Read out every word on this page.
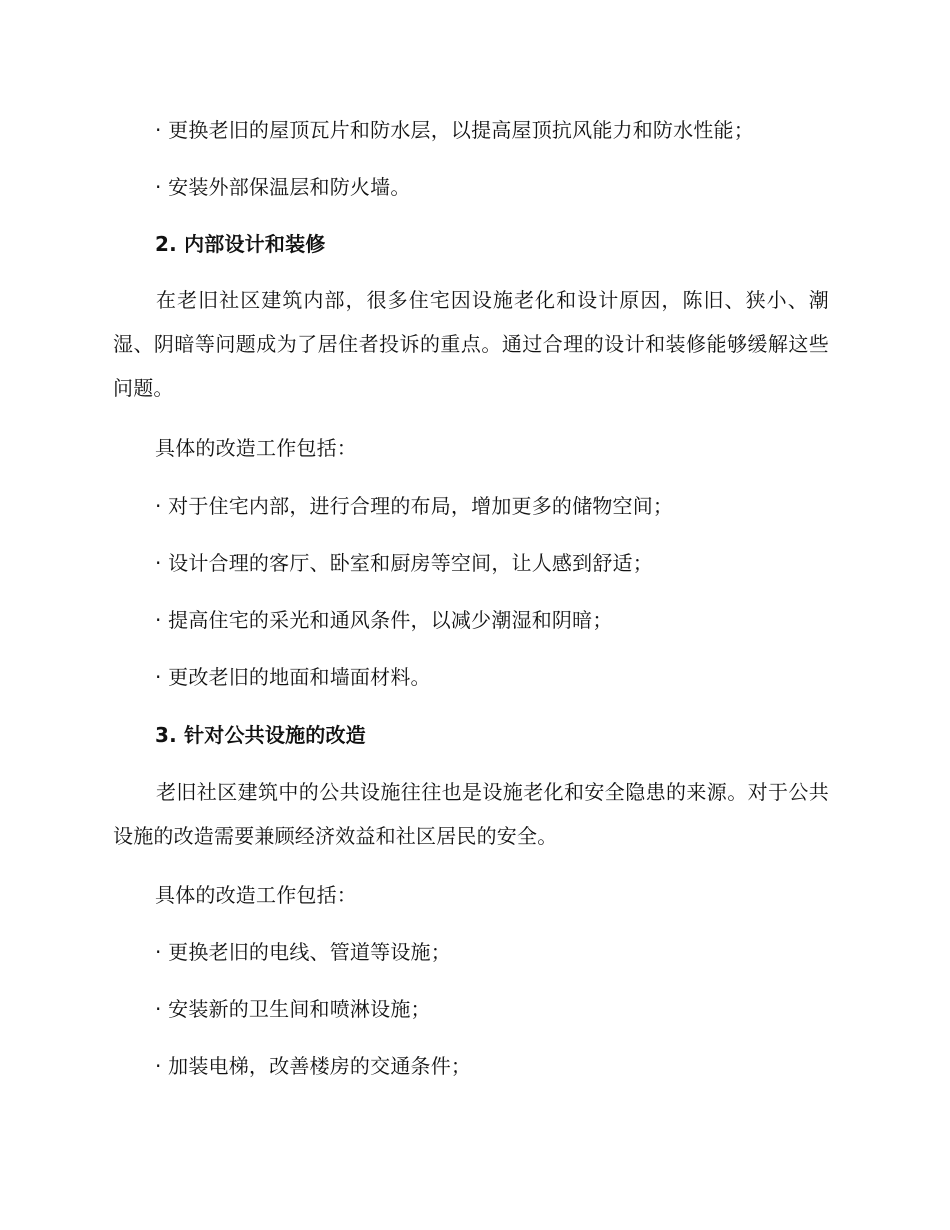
· 更换老旧的屋顶瓦片和防水层，以提高屋顶抗风能力和防水性能；
· 安装外部保温层和防火墙。
2. 内部设计和装修
在老旧社区建筑内部，很多住宅因设施老化和设计原因，陈旧、狭小、潮湿、阴暗等问题成为了居住者投诉的重点。通过合理的设计和装修能够缓解这些问题。
具体的改造工作包括：
· 对于住宅内部，进行合理的布局，增加更多的储物空间；
· 设计合理的客厅、卧室和厨房等空间，让人感到舒适；
· 提高住宅的采光和通风条件，以减少潮湿和阴暗；
· 更改老旧的地面和墙面材料。
3. 针对公共设施的改造
老旧社区建筑中的公共设施往往也是设施老化和安全隐患的来源。对于公共设施的改造需要兼顾经济效益和社区居民的安全。
具体的改造工作包括：
· 更换老旧的电线、管道等设施；
· 安装新的卫生间和喷淋设施；
· 加装电梯，改善楼房的交通条件；
